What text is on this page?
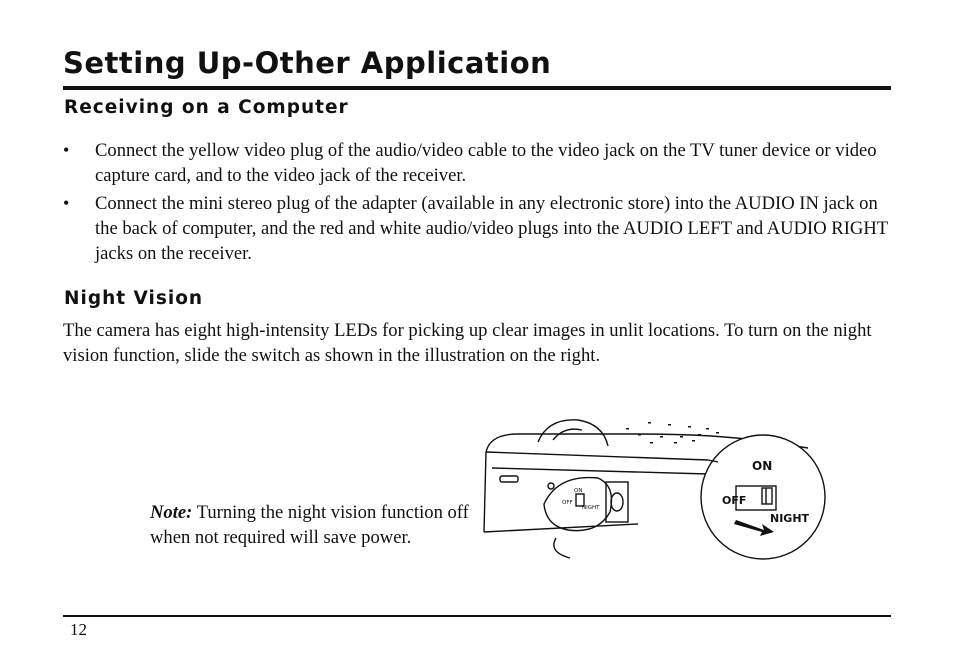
Setting Up-Other Application
Receiving on a Computer
• Connect the yellow video plug of the audio/video cable to the video jack on the TV tuner device or video capture card, and to the video jack of the receiver.
• Connect the mini stereo plug of the adapter (available in any electronic store) into the AUDIO IN jack on the back of computer, and the red and white audio/video plugs into the AUDIO LEFT and AUDIO RIGHT jacks on the receiver.
Night Vision

The camera has eight high-intensity LEDs for picking up clear images in unlit locations. To turn on the night vision function, slide the switch as shown in the illustration on the right.

Note: Turning the night vision function off when not required will save power.

ON
OFF
NIGHT
ON
OFF
NIGHT
12
